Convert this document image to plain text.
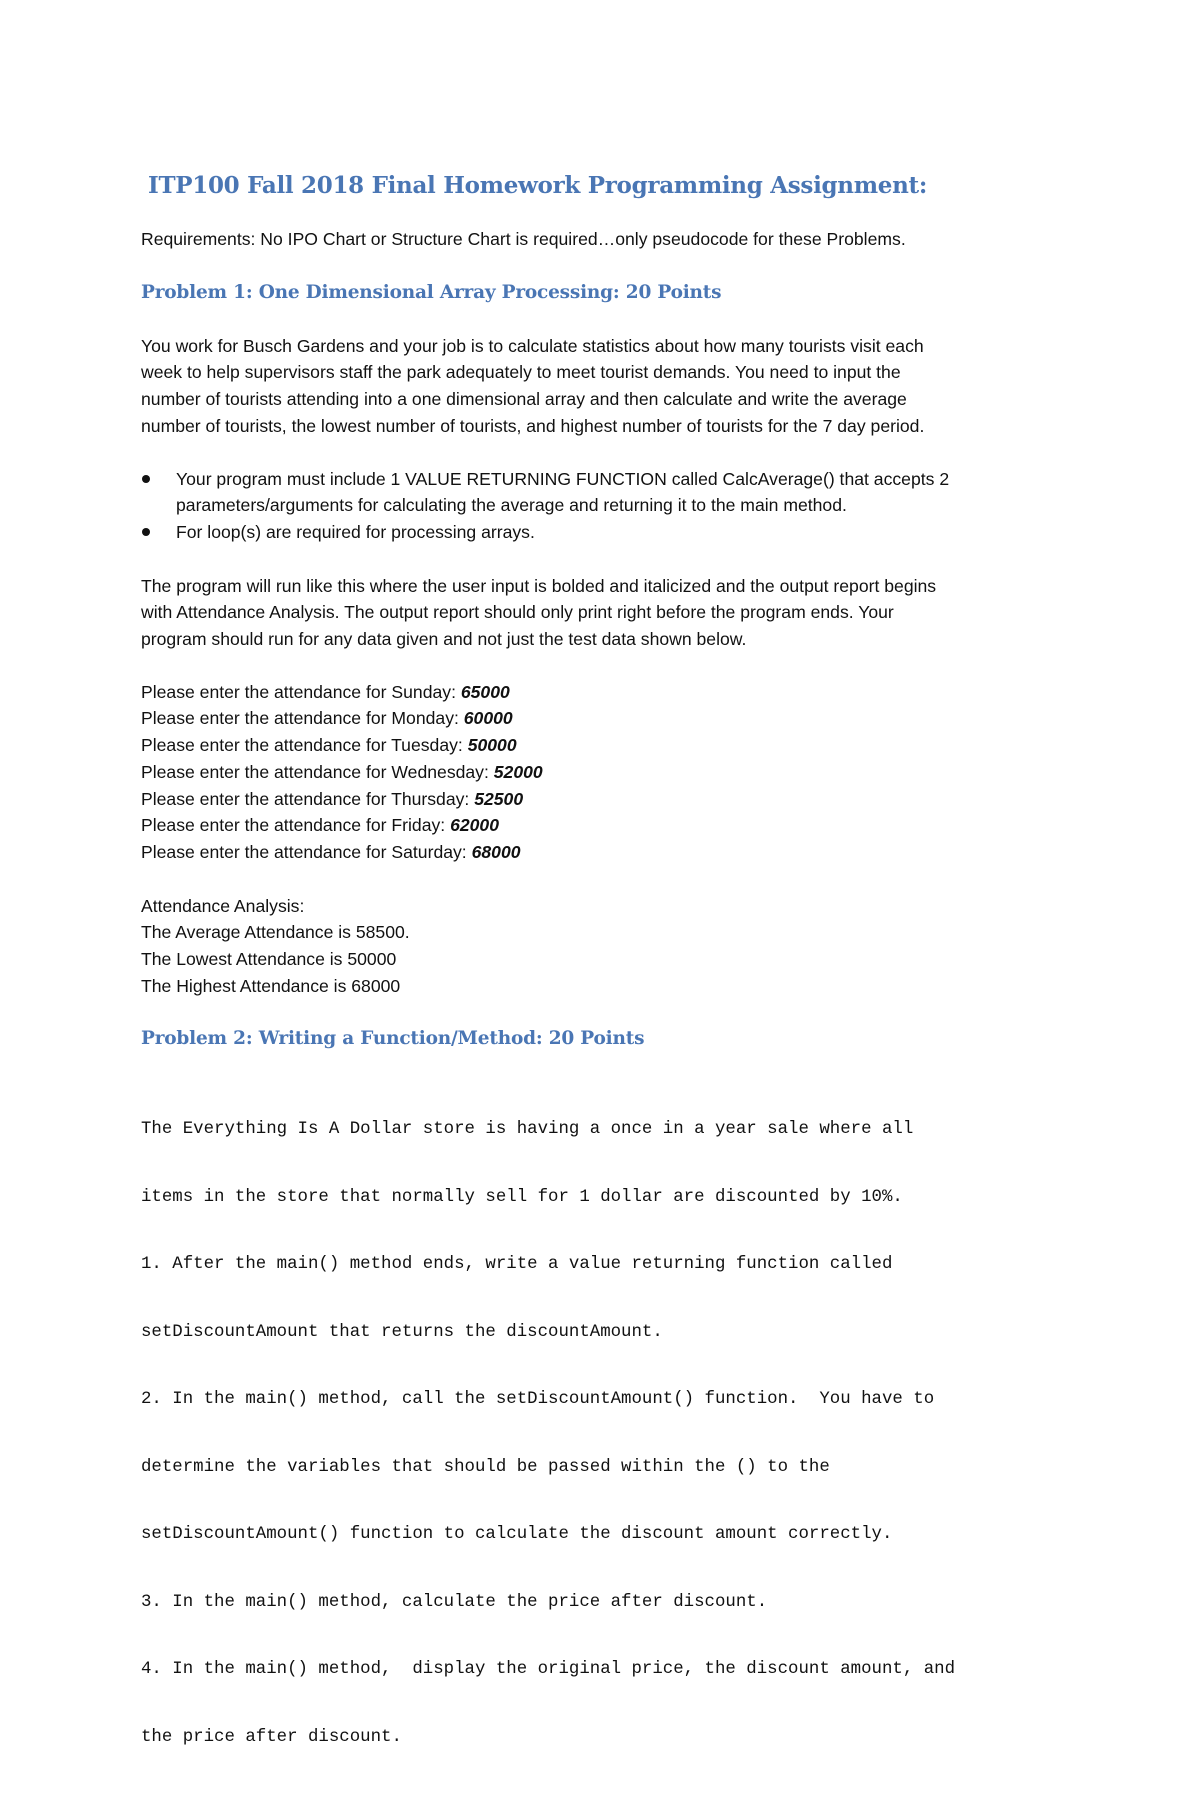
ITP100 Fall 2018 Final Homework Programming Assignment:

Requirements: No IPO Chart or Structure Chart is required…only pseudocode for these Problems.

Problem 1: One Dimensional Array Processing: 20 Points
You work for Busch Gardens and your job is to calculate statistics about how many tourists visit each
week to help supervisors staff the park adequately to meet tourist demands. You need to input the
number of tourists attending into a one dimensional array and then calculate and write the average
number of tourists, the lowest number of tourists, and highest number of tourists for the 7 day period.
Your program must include 1 VALUE RETURNING FUNCTION called CalcAverage() that accepts 2
parameters/arguments for calculating the average and returning it to the main method.
For loop(s) are required for processing arrays.
The program will run like this where the user input is bolded and italicized and the output report begins
with Attendance Analysis. The output report should only print right before the program ends. Your
program should run for any data given and not just the test data shown below.
Please enter the attendance for Sunday: 65000
Please enter the attendance for Monday: 60000
Please enter the attendance for Tuesday: 50000
Please enter the attendance for Wednesday: 52000
Please enter the attendance for Thursday: 52500
Please enter the attendance for Friday: 62000
Please enter the attendance for Saturday: 68000
Attendance Analysis:
The Average Attendance is 58500.
The Lowest Attendance is 50000
The Highest Attendance is 68000
Problem 2: Writing a Function/Method: 20 Points

The Everything Is A Dollar store is having a once in a year sale where all

items in the store that normally sell for 1 dollar are discounted by 10%.

1. After the main() method ends, write a value returning function called

setDiscountAmount that returns the discountAmount.

2. In the main() method, call the setDiscountAmount() function.  You have to

determine the variables that should be passed within the () to the

setDiscountAmount() function to calculate the discount amount correctly.

3. In the main() method, calculate the price after discount.

4. In the main() method,  display the original price, the discount amount, and

the price after discount.
